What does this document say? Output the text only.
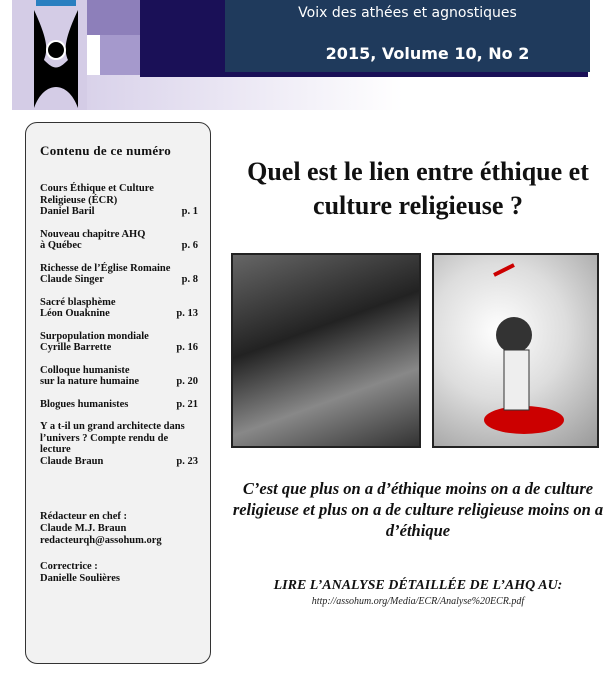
Voix des athées et agnostiques
2015, Volume 10, No 2
Contenu de ce numéro
Cours Éthique et Culture Religieuse (ÉCR)
Daniel Baril	p. 1
Nouveau chapitre AHQ
à Québec	p. 6
Richesse de l’Église Romaine
Claude Singer	p. 8
Sacré blasphème
Léon Ouaknine	p. 13
Surpopulation mondiale
Cyrille Barrette	p. 16
Colloque humaniste
sur la nature humaine	p. 20
Blogues humanistes	p. 21
Y a t-il un grand architecte dans l’univers ? Compte rendu de lecture
Claude Braun	p. 23
Rédacteur en chef :
Claude M.J. Braun
redacteurqh@assohum.org
Correctrice :
Danielle Soulières
Quel est le lien entre éthique et culture religieuse ?
C’est que plus on a d’éthique moins on a de culture religieuse et plus on a de culture religieuse moins on a d’éthique
LIRE L’ANALYSE DÉTAILLÉE DE L’AHQ AU:
http://assohum.org/Media/ECR/Analyse%20ECR.pdf
